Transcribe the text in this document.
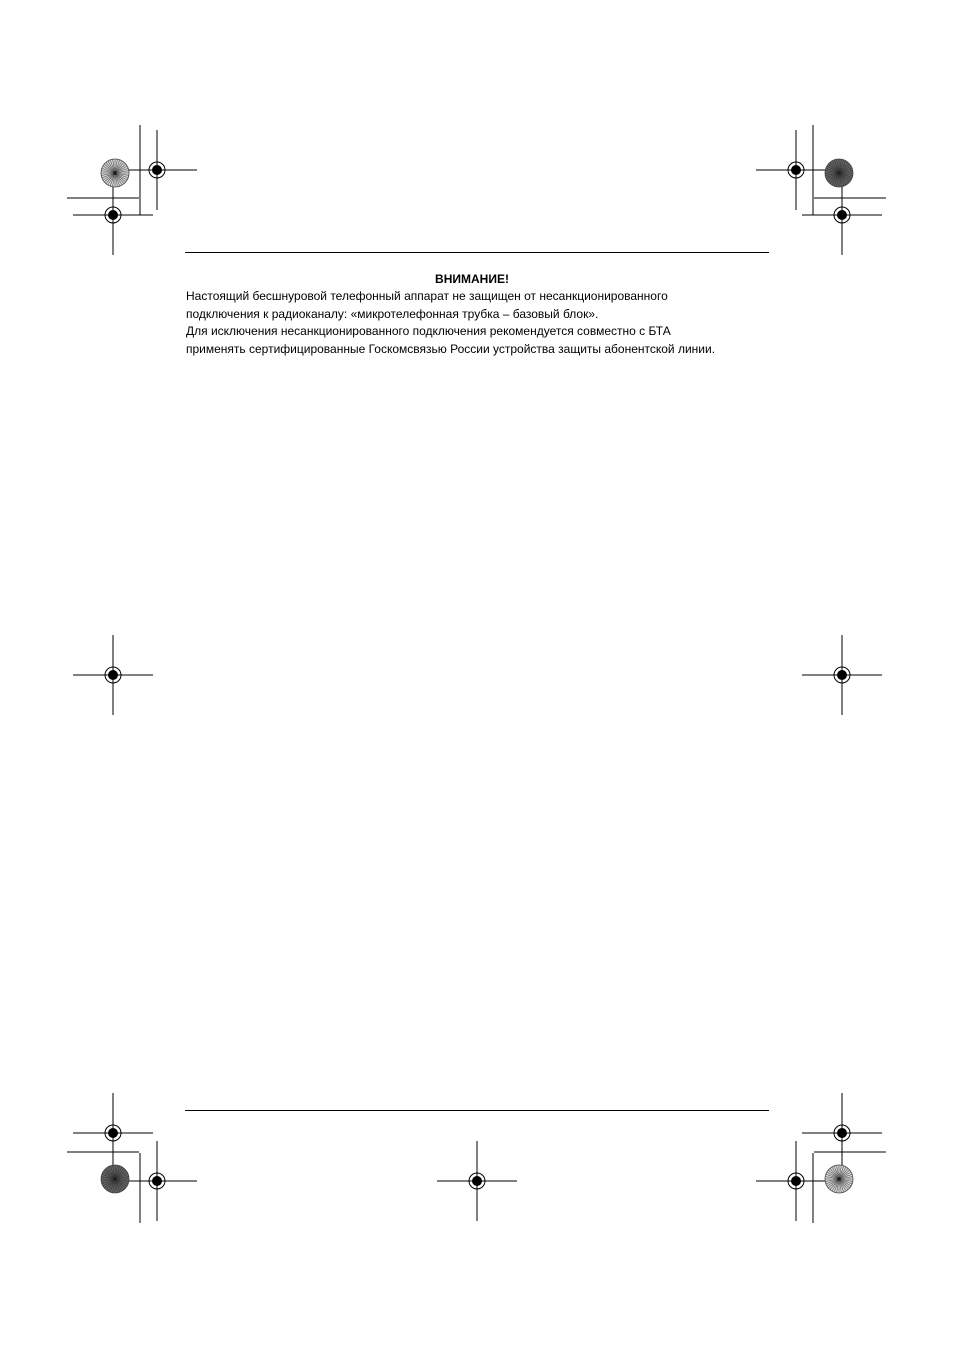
ВНИМАНИЕ!

Настоящий бесшнуровой телефонный аппарат не защищен от несанкционированного

подключения к радиоканалу: «микротелефонная трубка – базовый блок».

Для исключения несанкционированного подключения рекомендуется совместно с БТА

применять сертифицированные Госкомсвязью России устройства защиты абонентской линии.
